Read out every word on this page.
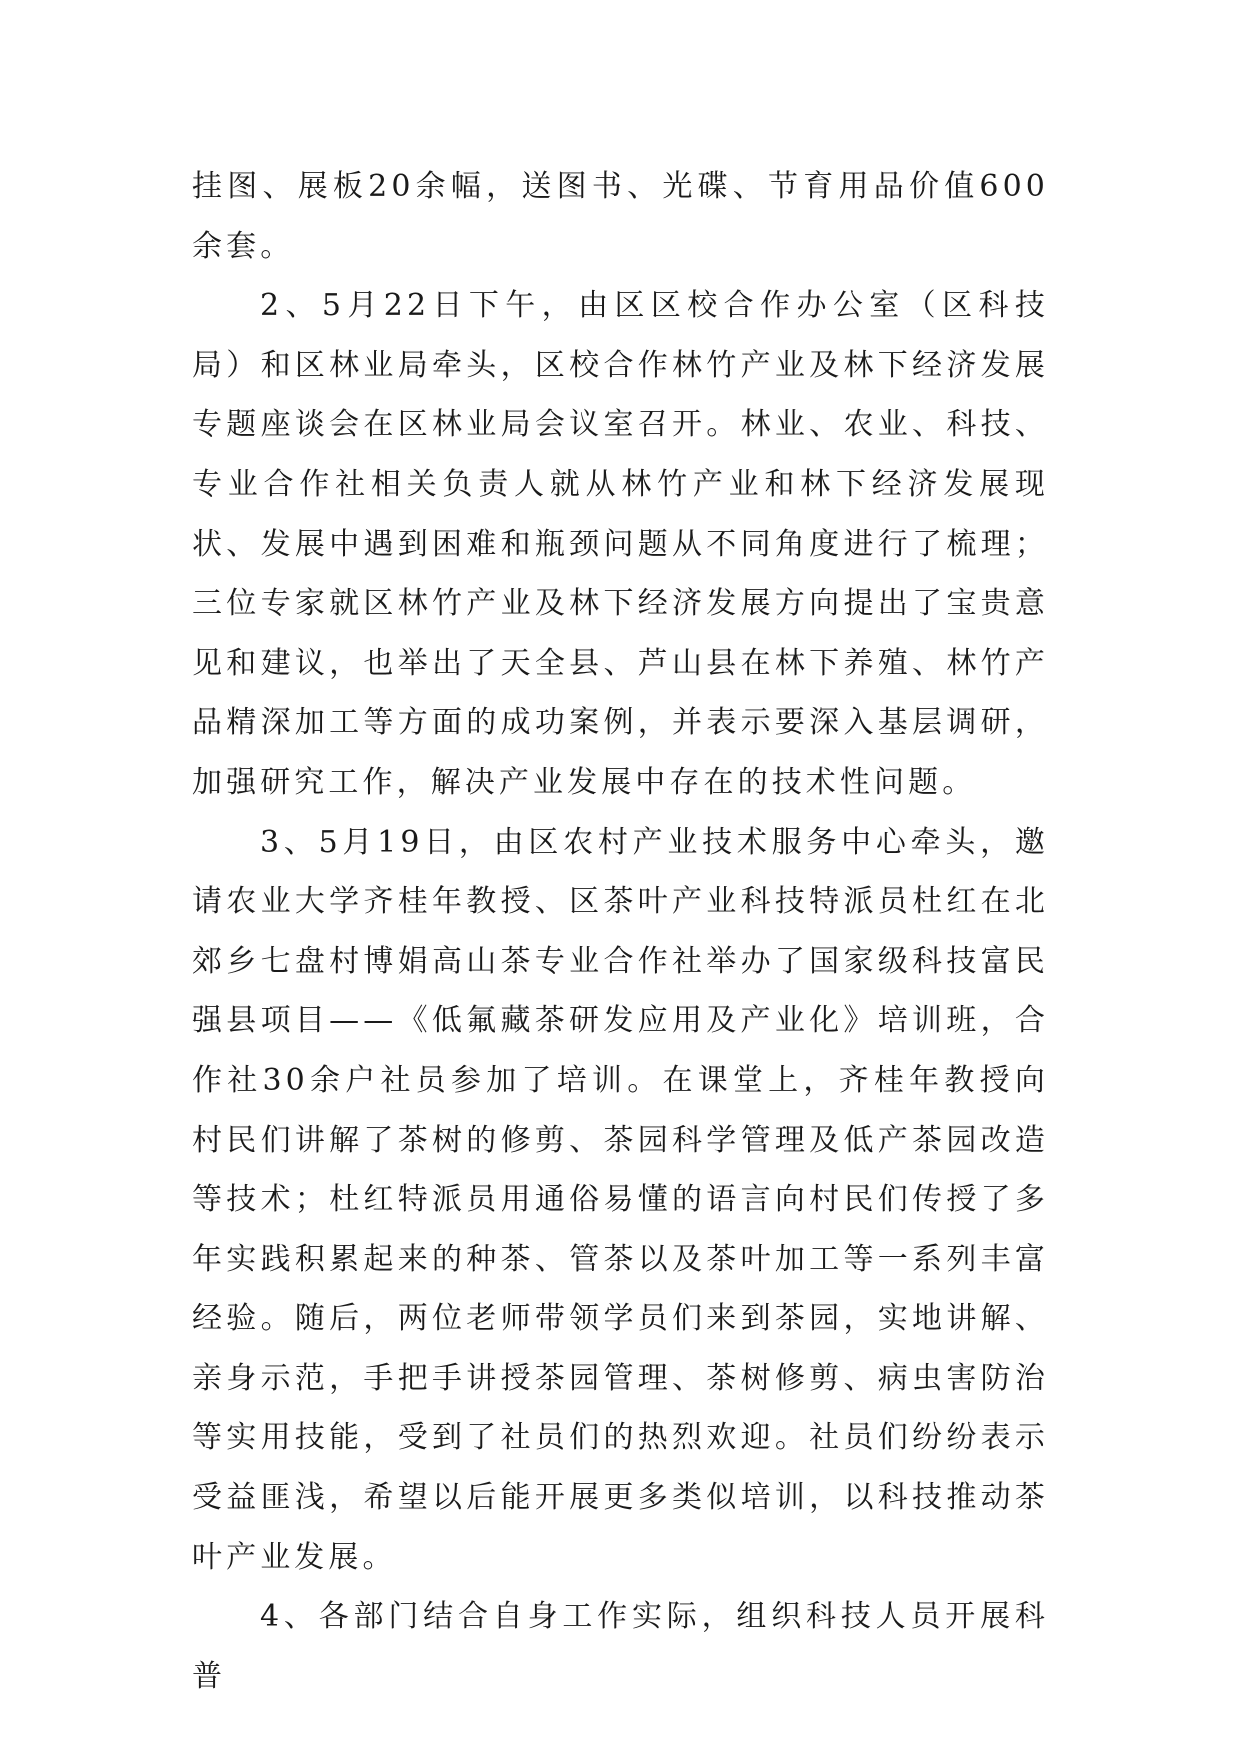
挂图、展板20余幅，送图书、光碟、节育用品价值600余套。

2、5月22日下午，由区区校合作办公室（区科技局）和区林业局牵头，区校合作林竹产业及林下经济发展专题座谈会在区林业局会议室召开。林业、农业、科技、专业合作社相关负责人就从林竹产业和林下经济发展现状、发展中遇到困难和瓶颈问题从不同角度进行了梳理；三位专家就区林竹产业及林下经济发展方向提出了宝贵意见和建议，也举出了天全县、芦山县在林下养殖、林竹产品精深加工等方面的成功案例，并表示要深入基层调研，加强研究工作，解决产业发展中存在的技术性问题。

3、5月19日，由区农村产业技术服务中心牵头，邀请农业大学齐桂年教授、区茶叶产业科技特派员杜红在北郊乡七盘村博娟高山茶专业合作社举办了国家级科技富民强县项目——《低氟藏茶研发应用及产业化》培训班，合作社30余户社员参加了培训。在课堂上，齐桂年教授向村民们讲解了茶树的修剪、茶园科学管理及低产茶园改造等技术；杜红特派员用通俗易懂的语言向村民们传授了多年实践积累起来的种茶、管茶以及茶叶加工等一系列丰富经验。随后，两位老师带领学员们来到茶园，实地讲解、亲身示范，手把手讲授茶园管理、茶树修剪、病虫害防治等实用技能，受到了社员们的热烈欢迎。社员们纷纷表示受益匪浅，希望以后能开展更多类似培训，以科技推动茶叶产业发展。

4、各部门结合自身工作实际，组织科技人员开展科普
